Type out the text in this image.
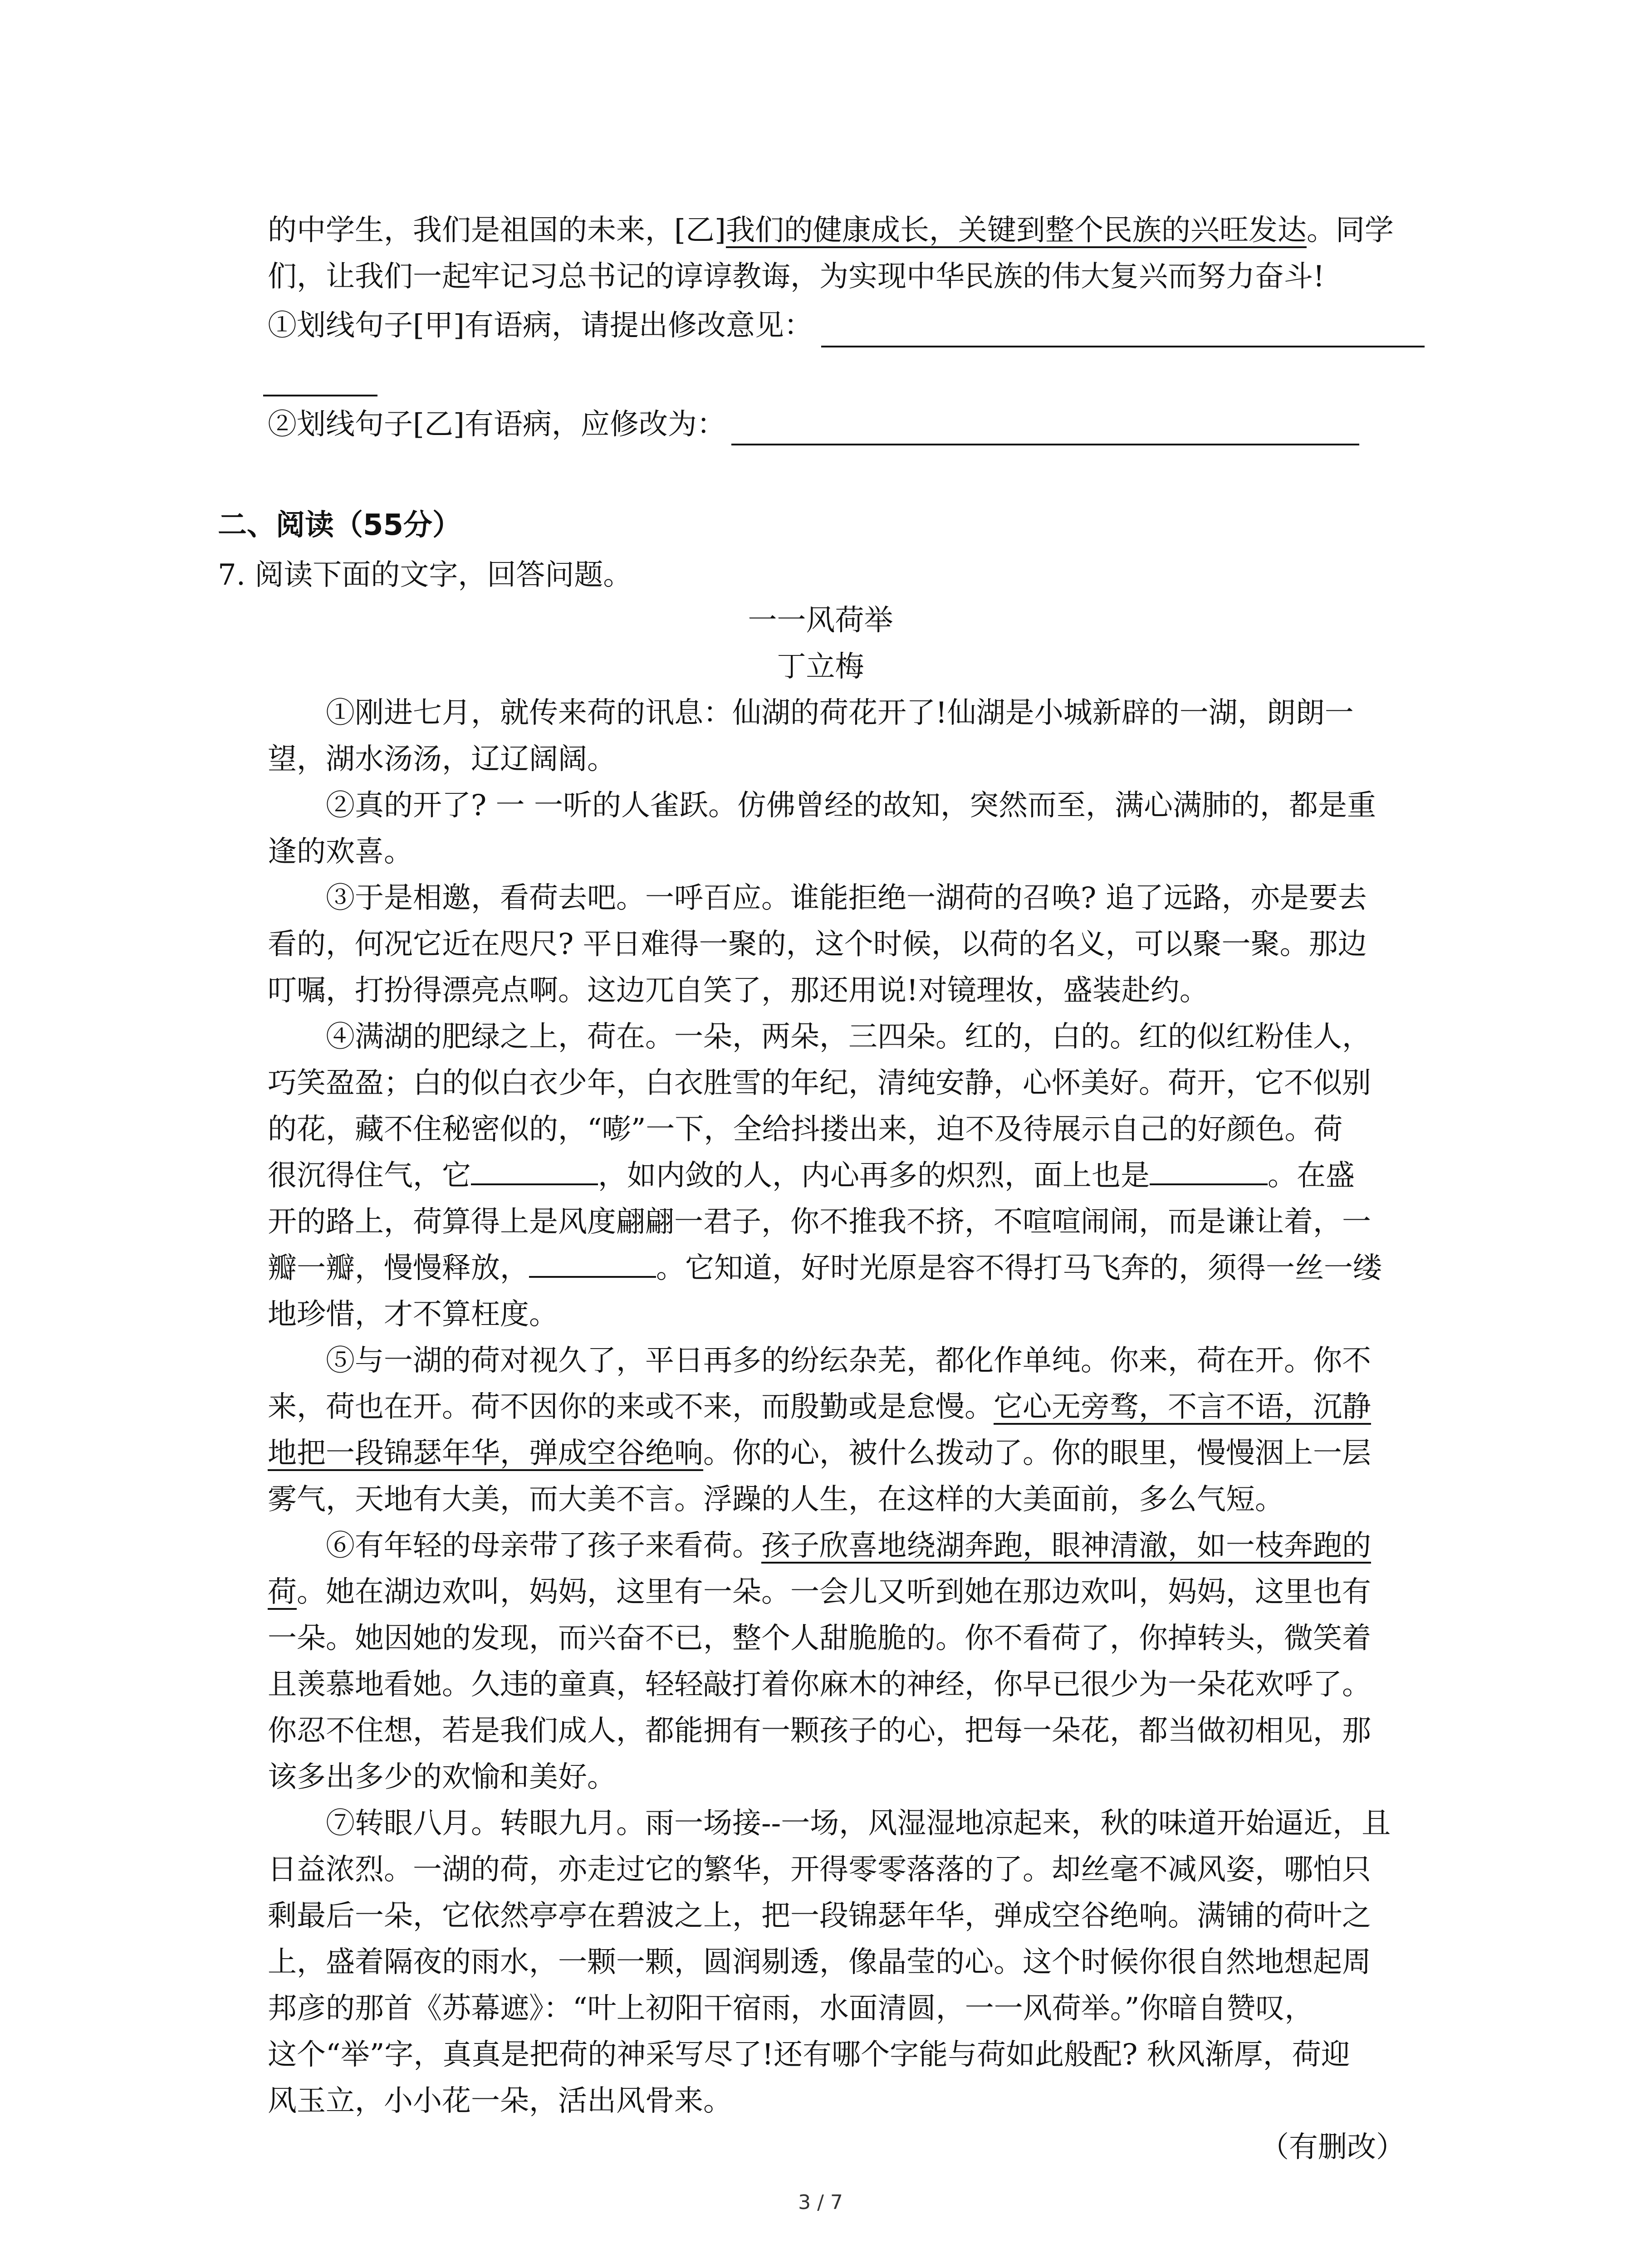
的中学生，我们是祖国的未来，[乙]我们的健康成长，关键到整个民族的兴旺发达。同学
们，让我们一起牢记习总书记的谆谆教诲，为实现中华民族的伟大复兴而努力奋斗!
①划线句子[甲]有语病，请提出修改意见：
②划线句子[乙]有语病，应修改为：
二、阅读（55分）
7. 阅读下面的文字，回答问题。
一一风荷举
丁立梅
①刚进七月，就传来荷的讯息：仙湖的荷花开了!仙湖是小城新辟的一湖，朗朗一
望，湖水汤汤，辽辽阔阔。
②真的开了? 一 一听的人雀跃。仿佛曾经的故知，突然而至，满心满肺的，都是重
逢的欢喜。
③于是相邀，看荷去吧。一呼百应。谁能拒绝一湖荷的召唤? 追了远路，亦是要去
看的，何况它近在咫尺? 平日难得一聚的，这个时候，以荷的名义，可以聚一聚。那边
叮嘱，打扮得漂亮点啊。这边兀自笑了，那还用说!对镜理妆，盛装赴约。
④满湖的肥绿之上，荷在。一朵，两朵，三四朵。红的，白的。红的似红粉佳人，
巧笑盈盈；白的似白衣少年，白衣胜雪的年纪，清纯安静，心怀美好。荷开，它不似别
的花，藏不住秘密似的，“嘭”一下，全给抖搂出来，迫不及待展示自己的好颜色。荷
很沉得住气，它	，如内敛的人，内心再多的炽烈，面上也是	。在盛
开的路上，荷算得上是风度翩翩一君子，你不推我不挤，不喧喧闹闹，而是谦让着，一
瓣一瓣，慢慢释放，	。它知道，好时光原是容不得打马飞奔的，须得一丝一缕
地珍惜，才不算枉度。
⑤与一湖的荷对视久了，平日再多的纷纭杂芜，都化作单纯。你来，荷在开。你不
来，荷也在开。荷不因你的来或不来，而殷勤或是怠慢。它心无旁骛，不言不语，沉静
地把一段锦瑟年华，弹成空谷绝响。你的心，被什么拨动了。你的眼里，慢慢洇上一层
雾气，天地有大美，而大美不言。浮躁的人生，在这样的大美面前，多么气短。
⑥有年轻的母亲带了孩子来看荷。孩子欣喜地绕湖奔跑，眼神清澈，如一枝奔跑的
荷。她在湖边欢叫，妈妈，这里有一朵。一会儿又听到她在那边欢叫，妈妈，这里也有
一朵。她因她的发现，而兴奋不已，整个人甜脆脆的。你不看荷了，你掉转头，微笑着
且羡慕地看她。久违的童真，轻轻敲打着你麻木的神经，你早已很少为一朵花欢呼了。
你忍不住想，若是我们成人，都能拥有一颗孩子的心，把每一朵花，都当做初相见，那
该多出多少的欢愉和美好。
⑦转眼八月。转眼九月。雨一场接--一场，风湿湿地凉起来，秋的味道开始逼近，且
日益浓烈。一湖的荷，亦走过它的繁华，开得零零落落的了。却丝毫不减风姿，哪怕只
剩最后一朵，它依然亭亭在碧波之上，把一段锦瑟年华，弹成空谷绝响。满铺的荷叶之
上，盛着隔夜的雨水，一颗一颗，圆润剔透，像晶莹的心。这个时候你很自然地想起周
邦彦的那首《苏幕遮》：“叶上初阳干宿雨，水面清圆，一一风荷举。”你暗自赞叹，
这个“举”字，真真是把荷的神采写尽了!还有哪个字能与荷如此般配? 秋风渐厚，荷迎
风玉立，小小花一朵，活出风骨来。
（有删改）
3 / 7
